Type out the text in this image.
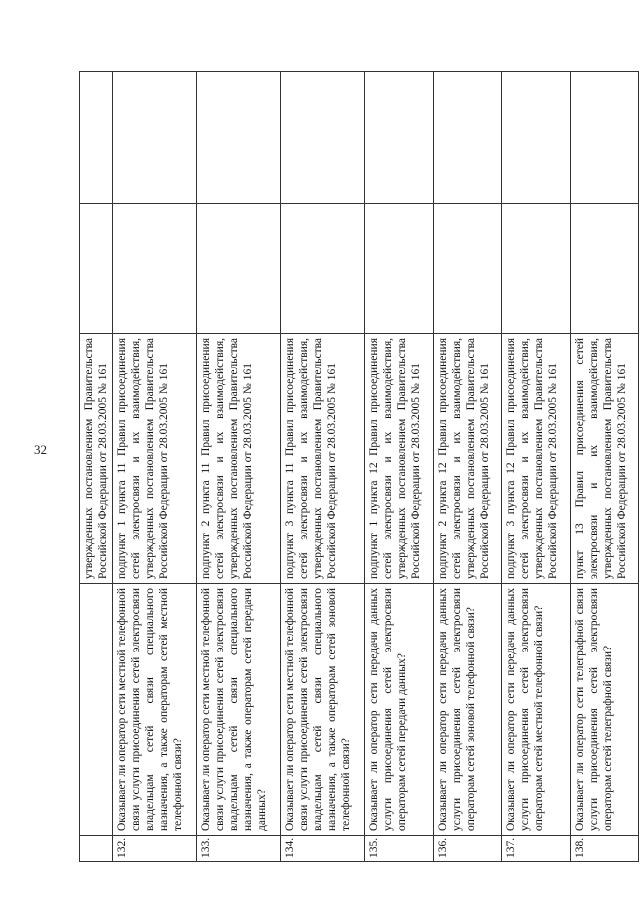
32
			утвержденных постановлением Правительства Российской Федерации от 28.03.2005 № 161		
132.	Оказывает ли оператор сети местной телефонной связи услуги присоединения сетей электросвязи владельцам сетей связи специального назначения, а также операторам сетей местной телефонной связи?	подпункт 1 пункта 11 Правил присоединения сетей электросвязи и их взаимодействия, утвержденных постановлением Правительства Российской Федерации от 28.03.2005 № 161		
133.	Оказывает ли оператор сети местной телефонной связи услуги присоединения сетей электросвязи владельцам сетей связи специального назначения, а также операторам сетей передачи данных?	подпункт 2 пункта 11 Правил присоединения сетей электросвязи и их взаимодействия, утвержденных постановлением Правительства Российской Федерации от 28.03.2005 № 161		
134.	Оказывает ли оператор сети местной телефонной связи услуги присоединения сетей электросвязи владельцам сетей связи специального назначения, а также операторам сетей зоновой телефонной связи?	подпункт 3 пункта 11 Правил присоединения сетей электросвязи и их взаимодействия, утвержденных постановлением Правительства Российской Федерации от 28.03.2005 № 161		
135.	Оказывает ли оператор сети передачи данных услуги присоединения сетей электросвязи операторам сетей передачи данных?	подпункт 1 пункта 12 Правил присоединения сетей электросвязи и их взаимодействия, утвержденных постановлением Правительства Российской Федерации от 28.03.2005 № 161		
136.	Оказывает ли оператор сети передачи данных услуги присоединения сетей электросвязи операторам сетей зоновой телефонной связи?	подпункт 2 пункта 12 Правил присоединения сетей электросвязи и их взаимодействия, утвержденных постановлением Правительства Российской Федерации от 28.03.2005 № 161		
137.	Оказывает ли оператор сети передачи данных услуги присоединения сетей электросвязи операторам сетей местной телефонной связи?	подпункт 3 пункта 12 Правил присоединения сетей электросвязи и их взаимодействия, утвержденных постановлением Правительства Российской Федерации от 28.03.2005 № 161		
138.	Оказывает ли оператор сети телеграфной связи услуги присоединения сетей электросвязи операторам сетей телеграфной связи?	пункт 13 Правил присоединения сетей электросвязи и их взаимодействия, утвержденных постановлением Правительства Российской Федерации от 28.03.2005 № 161		
